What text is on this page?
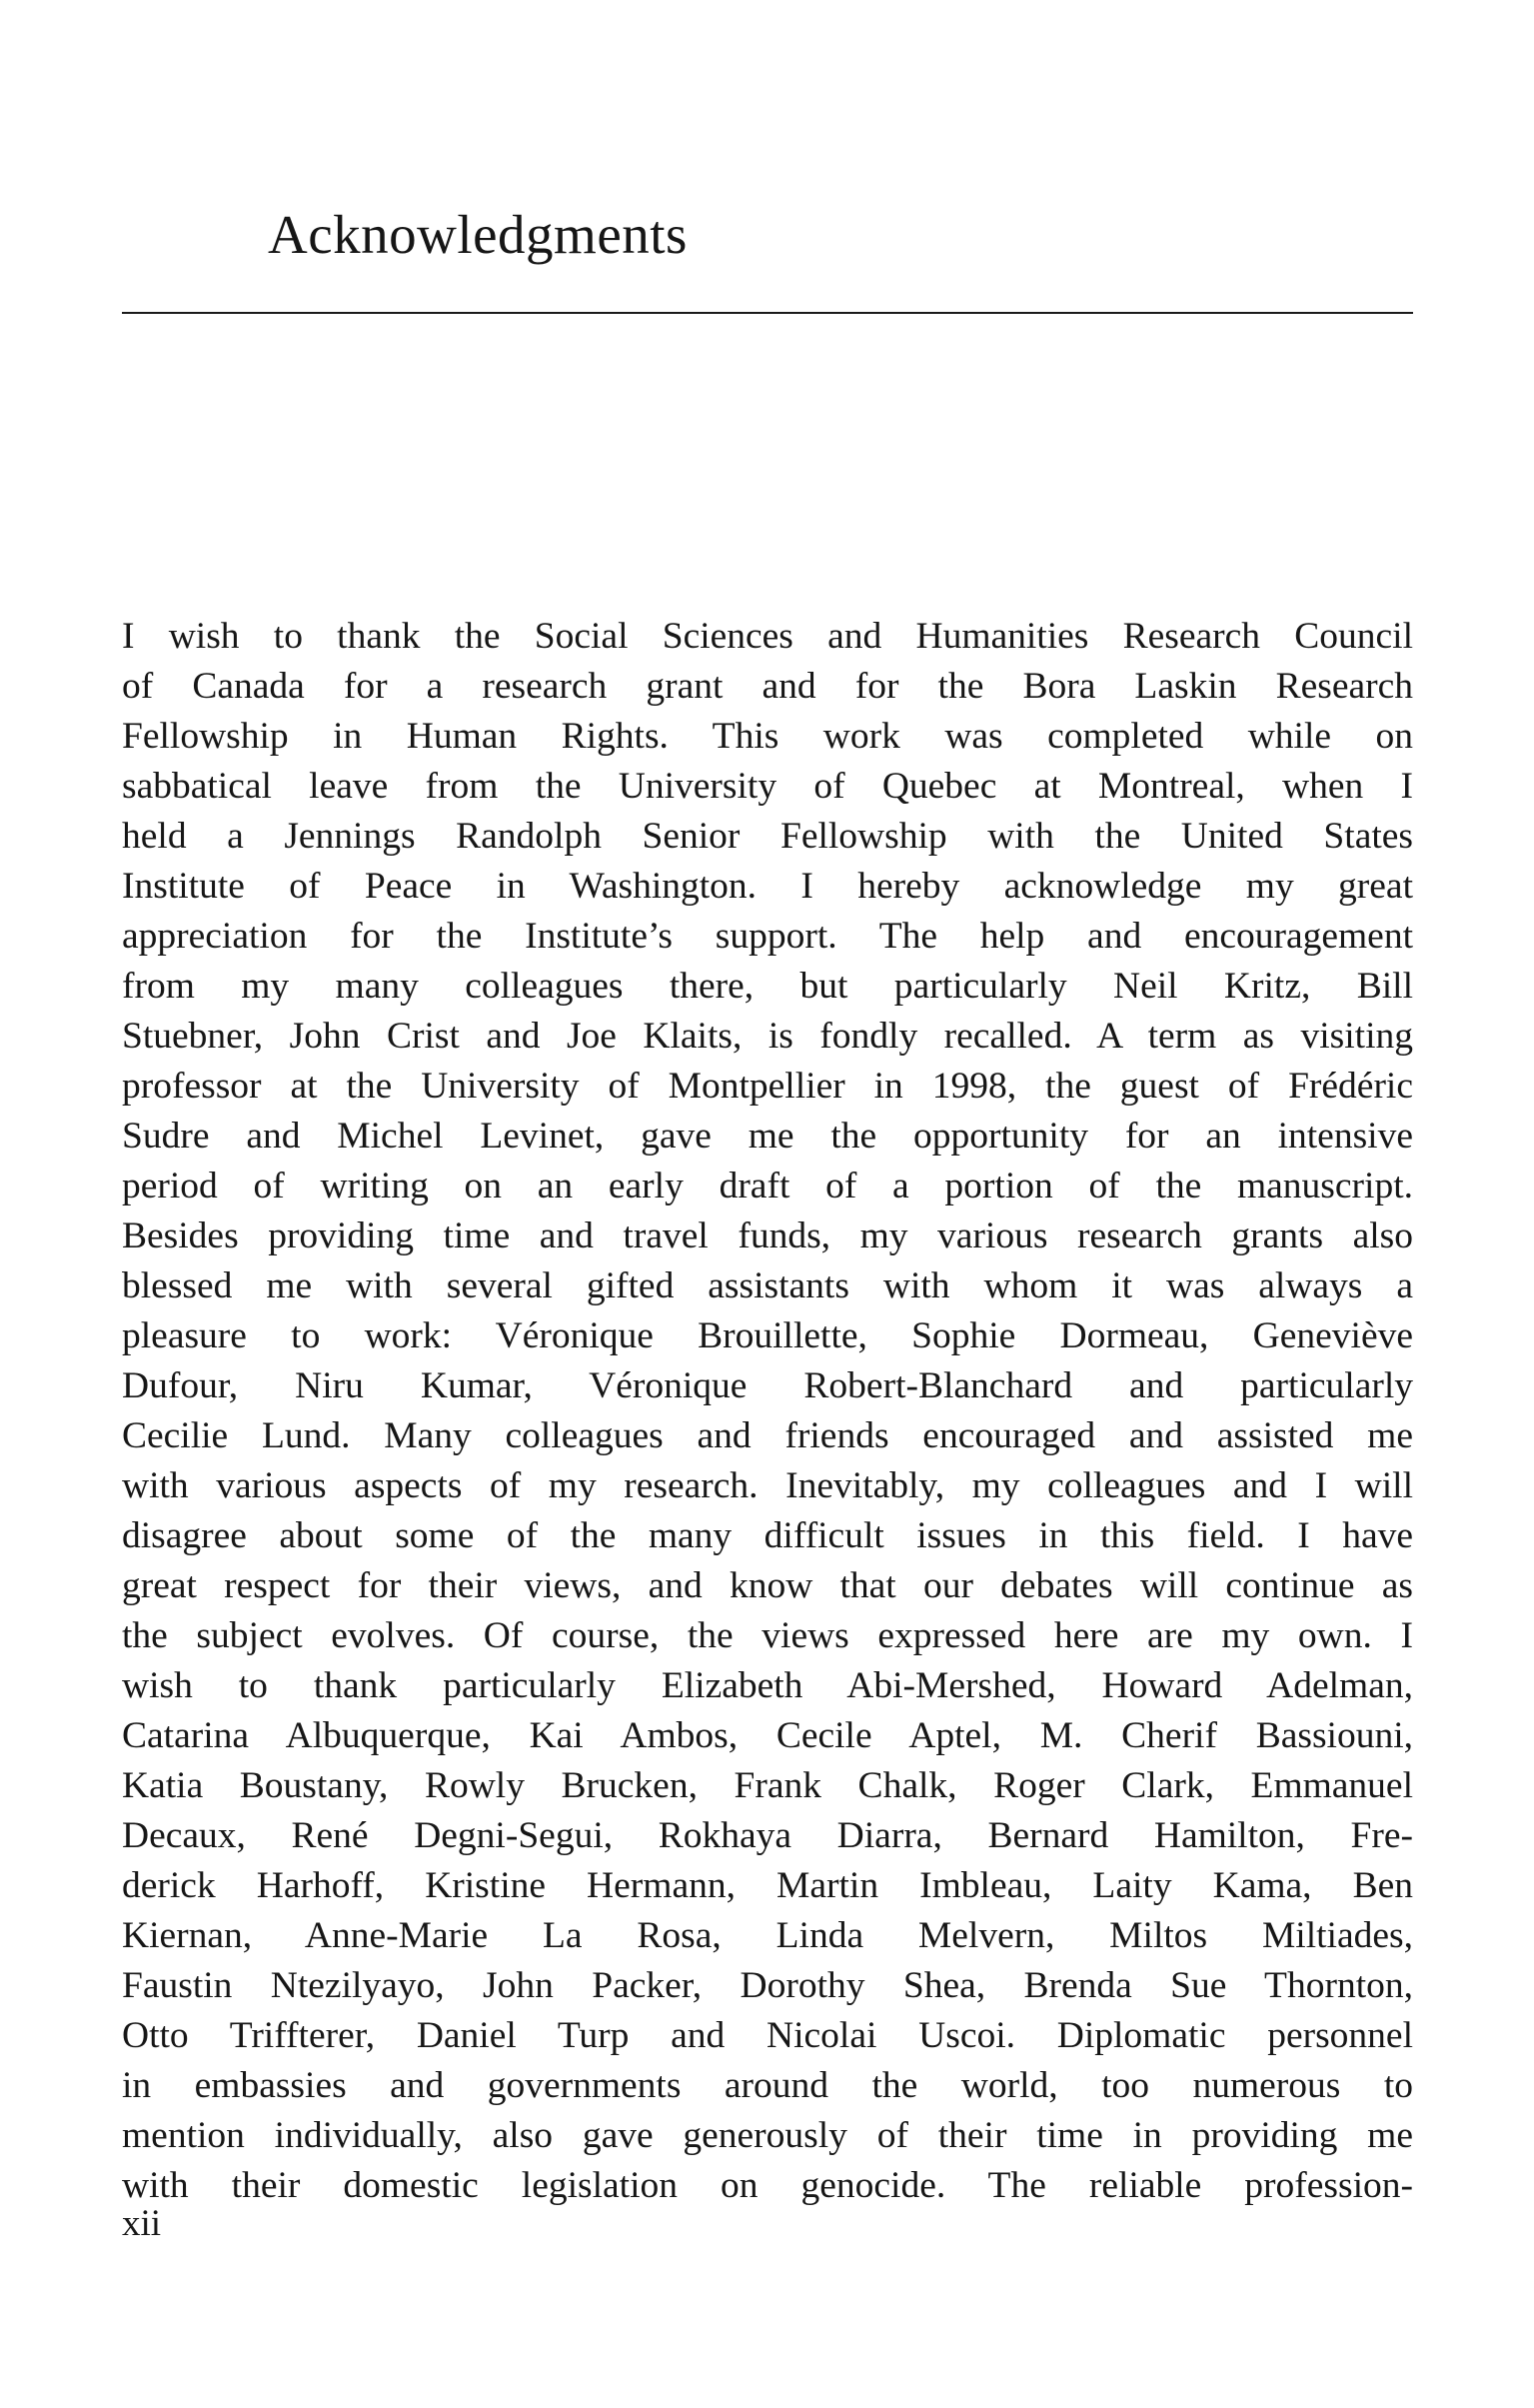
Acknowledgments
I wish to thank the Social Sciences and Humanities Research Council
of Canada for a research grant and for the Bora Laskin Research
Fellowship in Human Rights. This work was completed while on
sabbatical leave from the University of Quebec at Montreal, when I
held a Jennings Randolph Senior Fellowship with the United States
Institute of Peace in Washington. I hereby acknowledge my great
appreciation for the Institute’s support. The help and encouragement
from my many colleagues there, but particularly Neil Kritz, Bill
Stuebner, John Crist and Joe Klaits, is fondly recalled. A term as visiting
professor at the University of Montpellier in 1998, the guest of Frédéric
Sudre and Michel Levinet, gave me the opportunity for an intensive
period of writing on an early draft of a portion of the manuscript.
Besides providing time and travel funds, my various research grants also
blessed me with several gifted assistants with whom it was always a
pleasure to work: Véronique Brouillette, Sophie Dormeau, Geneviève
Dufour, Niru Kumar, Véronique Robert-Blanchard and particularly
Cecilie Lund. Many colleagues and friends encouraged and assisted me
with various aspects of my research. Inevitably, my colleagues and I will
disagree about some of the many difficult issues in this field. I have
great respect for their views, and know that our debates will continue as
the subject evolves. Of course, the views expressed here are my own. I
wish to thank particularly Elizabeth Abi-Mershed, Howard Adelman,
Catarina Albuquerque, Kai Ambos, Cecile Aptel, M. Cherif Bassiouni,
Katia Boustany, Rowly Brucken, Frank Chalk, Roger Clark, Emmanuel
Decaux, René Degni-Segui, Rokhaya Diarra, Bernard Hamilton, Fre-
derick Harhoff, Kristine Hermann, Martin Imbleau, Laity Kama, Ben
Kiernan, Anne-Marie La Rosa, Linda Melvern, Miltos Miltiades,
Faustin Ntezilyayo, John Packer, Dorothy Shea, Brenda Sue Thornton,
Otto Triffterer, Daniel Turp and Nicolai Uscoi. Diplomatic personnel
in embassies and governments around the world, too numerous to
mention individually, also gave generously of their time in providing me
with their domestic legislation on genocide. The reliable profession-

xii
